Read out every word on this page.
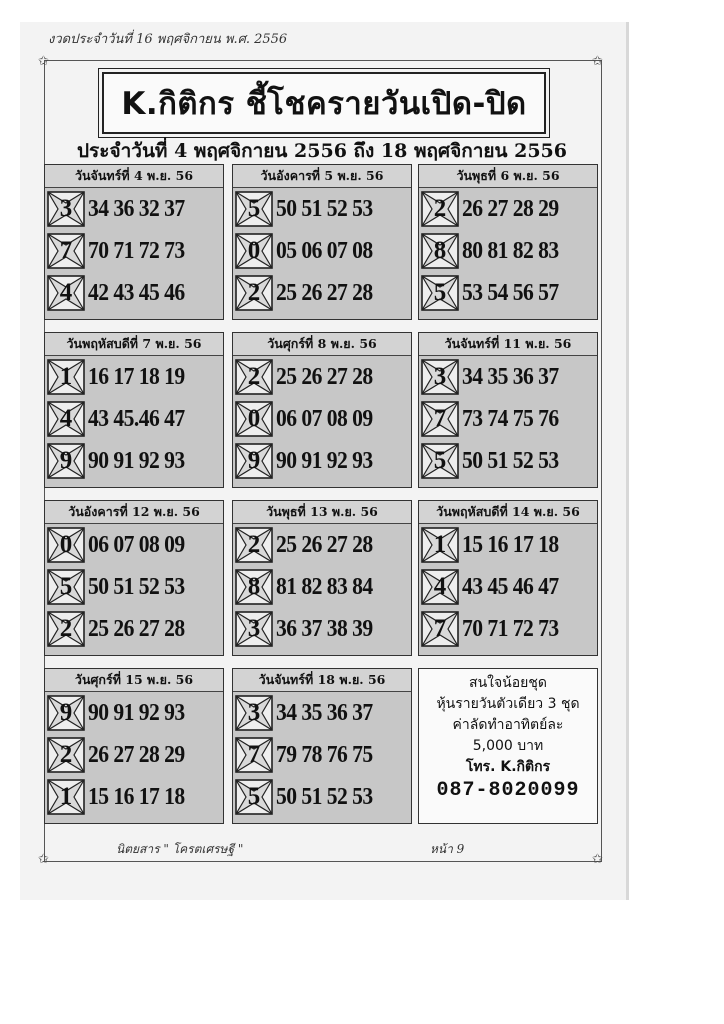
งวดประจำวันที่ 16 พฤศจิกายน พ.ศ. 2556
✩	✩
✩	✩
K.กิติกร ชี้โชครายวันเปิด-ปิด
ประจำวันที่ 4 พฤศจิกายน 2556 ถึง 18 พฤศจิกายน 2556
วันจันทร์ที่ 4 พ.ย. 56
3 34 36 32 37
7 70 71 72 73
4 42 43 45 46
วันอังคารที่ 5 พ.ย. 56
5 50 51 52 53
0 05 06 07 08
2 25 26 27 28
วันพุธที่ 6 พ.ย. 56
2 26 27 28 29
8 80 81 82 83
5 53 54 56 57
วันพฤหัสบดีที่ 7 พ.ย. 56
1 16 17 18 19
4 43 45.46 47
9 90 91 92 93
วันศุกร์ที่ 8 พ.ย. 56
2 25 26 27 28
0 06 07 08 09
9 90 91 92 93
วันจันทร์ที่ 11 พ.ย. 56
3 34 35 36 37
7 73 74 75 76
5 50 51 52 53
วันอังคารที่ 12 พ.ย. 56
0 06 07 08 09
5 50 51 52 53
2 25 26 27 28
วันพุธที่ 13 พ.ย. 56
2 25 26 27 28
8 81 82 83 84
3 36 37 38 39
วันพฤหัสบดีที่ 14 พ.ย. 56
1 15 16 17 18
4 43 45 46 47
7 70 71 72 73
วันศุกร์ที่ 15 พ.ย. 56
9 90 91 92 93
2 26 27 28 29
1 15 16 17 18
วันจันทร์ที่ 18 พ.ย. 56
3 34 35 36 37
7 79 78 76 75
5 50 51 52 53
สนใจน้อยชุด
หุ้นรายวันตัวเดียว 3 ชุด
ค่าลัดทำอาทิตย์ละ
5,000 บาท
โทร. K.กิติกร
087-8020099
นิตยสาร " โครตเศรษฐี "	หน้า 9
